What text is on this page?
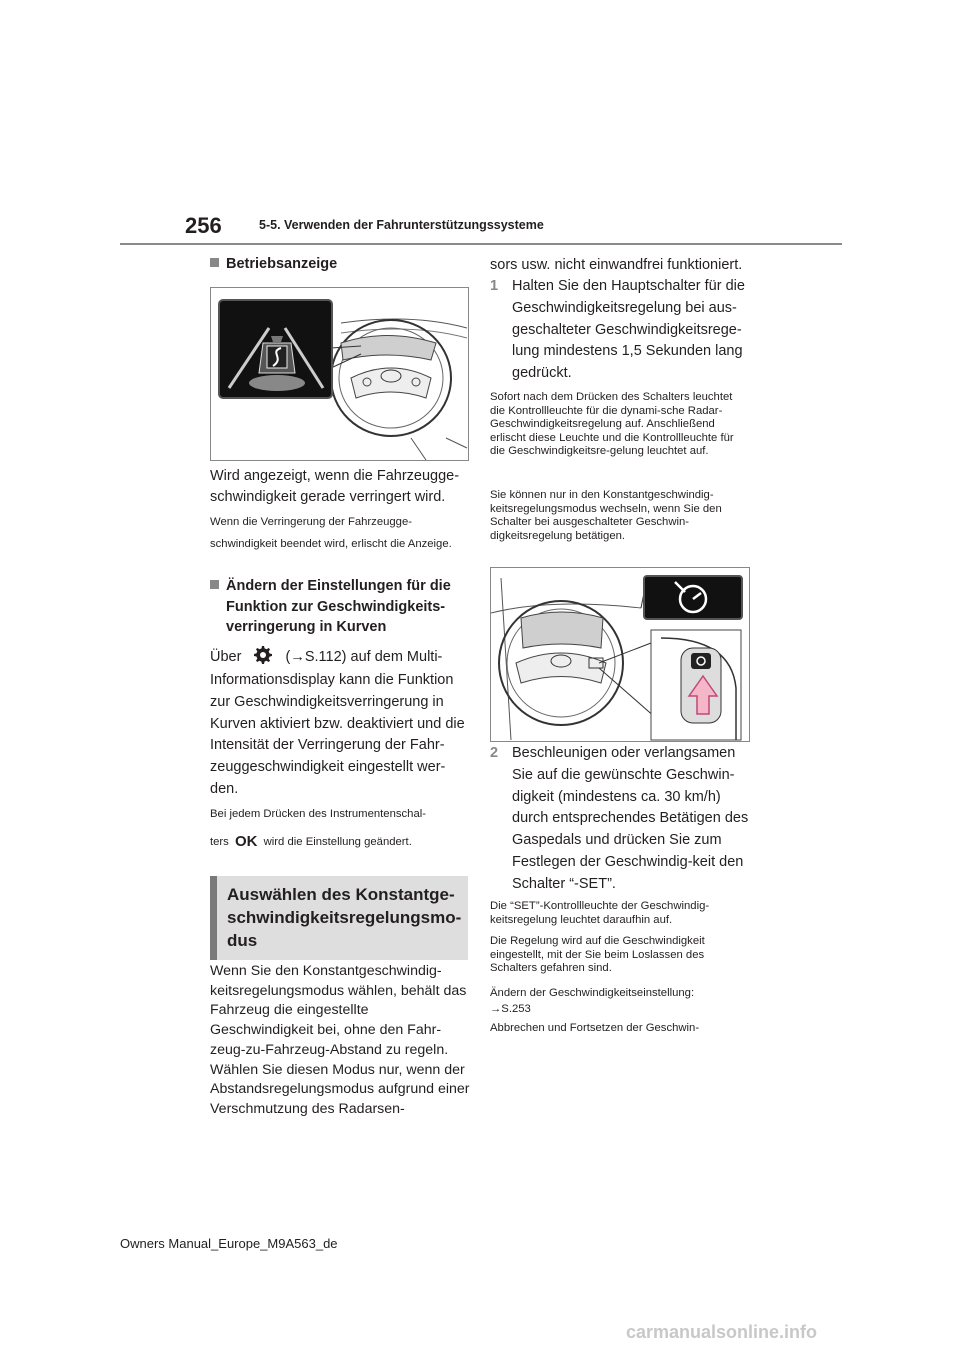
256	5-5. Verwenden der Fahrunterstützungssysteme
Betriebsanzeige
Wird angezeigt, wenn die Fahrzeugge-schwindigkeit gerade verringert wird.
Wenn die Verringerung der Fahrzeugge-schwindigkeit beendet wird, erlischt die Anzeige.
Ändern der Einstellungen für die Funktion zur Geschwindigkeits-verringerung in Kurven
Über	(→S.112) auf dem Multi-
Informationsdisplay kann die Funktion zur Geschwindigkeitsverringerung in Kurven aktiviert bzw. deaktiviert und die Intensität der Verringerung der Fahr-zeuggeschwindigkeit eingestellt wer-den.
Bei jedem Drücken des Instrumentenschal-
ters OK wird die Einstellung geändert.
Auswählen des Konstantge-schwindigkeitsregelungsmo-dus
Wenn Sie den Konstantgeschwindig-keitsregelungsmodus wählen, behält das Fahrzeug die eingestellte Geschwindigkeit bei, ohne den Fahr-zeug-zu-Fahrzeug-Abstand zu regeln. Wählen Sie diesen Modus nur, wenn der Abstandsregelungsmodus aufgrund einer Verschmutzung des Radarsen-
sors usw. nicht einwandfrei funktioniert.
1 Halten Sie den Hauptschalter für die Geschwindigkeitsregelung bei aus-geschalteter Geschwindigkeitsrege-lung mindestens 1,5 Sekunden lang gedrückt.
Sofort nach dem Drücken des Schalters leuchtet die Kontrollleuchte für die dynami-sche Radar-Geschwindigkeitsregelung auf. Anschließend erlischt diese Leuchte und die Kontrollleuchte für die Geschwindigkeitsre-gelung leuchtet auf.
Sie können nur in den Konstantgeschwindig-keitsregelungsmodus wechseln, wenn Sie den Schalter bei ausgeschalteter Geschwin-digkeitsregelung betätigen.
2 Beschleunigen oder verlangsamen Sie auf die gewünschte Geschwin-digkeit (mindestens ca. 30 km/h) durch entsprechendes Betätigen des Gaspedals und drücken Sie zum Festlegen der Geschwindig-keit den Schalter “-SET”.
Die “SET”-Kontrollleuchte der Geschwindig-keitsregelung leuchtet daraufhin auf.
Die Regelung wird auf die Geschwindigkeit eingestellt, mit der Sie beim Loslassen des Schalters gefahren sind.
Ändern der Geschwindigkeitseinstellung:
→S.253
Abbrechen und Fortsetzen der Geschwin-
Owners Manual_Europe_M9A563_de
carmanualsonline.info
